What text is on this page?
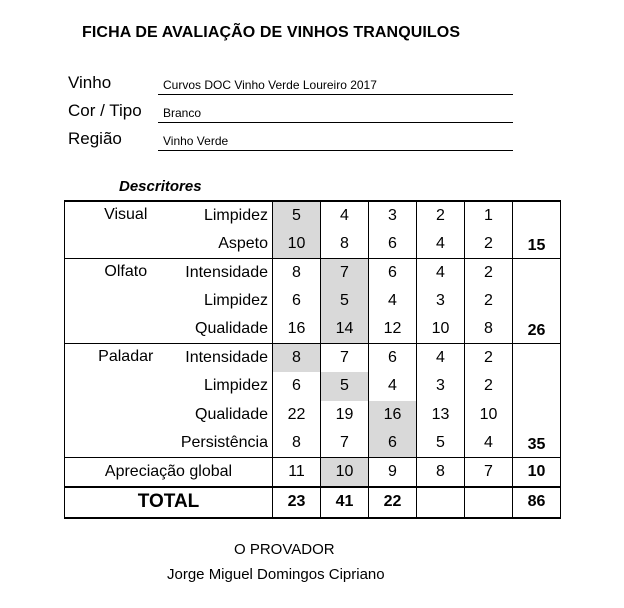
FICHA DE AVALIAÇÃO DE VINHOS TRANQUILOS
Vinho	Curvos DOC Vinho Verde Loureiro 2017
Cor / Tipo Branco
Região	Vinho Verde
Descritores
Visual	Limpidez	5	4	3	2	1	
	Aspeto	10	8	6	4	2	15
Olfato	Intensidade	8	7	6	4	2	
	Limpidez	6	5	4	3	2	
	Qualidade	16	14	12	10	8	26
Paladar	Intensidade	8	7	6	4	2	
	Limpidez	6	5	4	3	2	
	Qualidade	22	19	16	13	10	
	Persistência	8	7	6	5	4	35
Apreciação global		11	10	9	8	7	10
TOTAL		23	41	22			86
O PROVADOR
Jorge Miguel Domingos Cipriano
